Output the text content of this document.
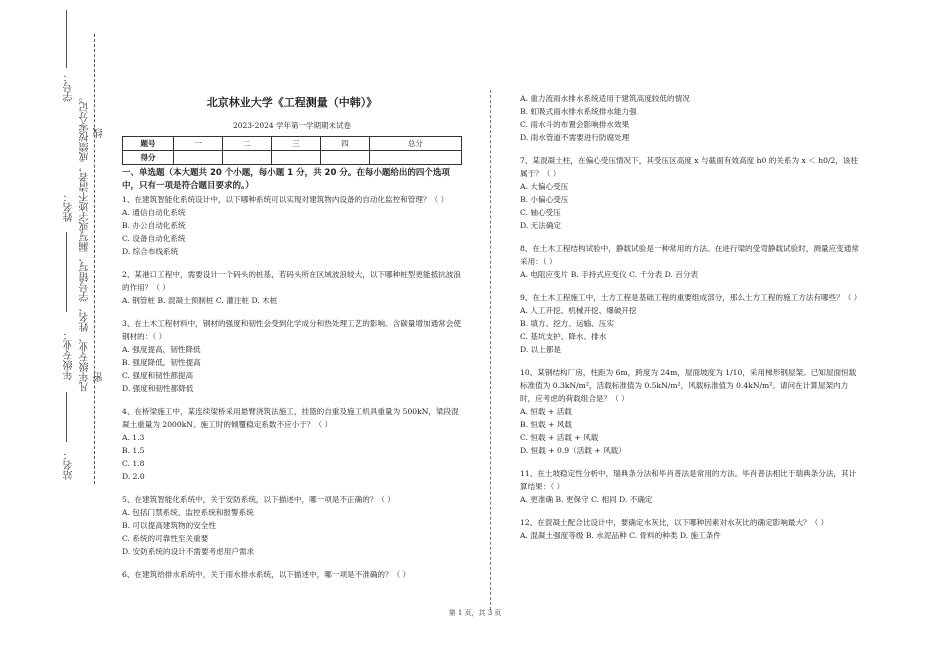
学号：
姓名：
年级专业：
站名：
凡年级专业、姓名、学号错写、漏写或字迹不清者，成绩按零分记。 密
线
北京林业大学《工程测量（中韩）》
2023-2024 学年第一学期期末试卷
题号	一	二	三	四	总分
得分					
一、单选题（本大题共 20 个小题，每小题 1 分，共 20 分。在每小题给出的四个选项中，只有一项是符合题目要求的。）
1、在建筑智能化系统设计中，以下哪种系统可以实现对建筑物内设备的自动化监控和管理？（ ）
A. 通信自动化系统
B. 办公自动化系统
C. 设备自动化系统
D. 综合布线系统
2、某港口工程中，需要设计一个码头的桩基，若码头所在区域波浪较大，以下哪种桩型更能抵抗波浪的作用？（ ）
A. 钢管桩 B. 混凝土预制桩 C. 灌注桩 D. 木桩
3、在土木工程材料中，钢材的强度和韧性会受到化学成分和热处理工艺的影响。含碳量增加通常会使钢材的：（ ）
A. 强度提高，韧性降低
B. 强度降低，韧性提高
C. 强度和韧性都提高
D. 强度和韧性都降低
4、在桥梁施工中，某连续梁桥采用悬臂浇筑法施工，挂篮的自重及施工机具重量为 500kN，梁段混凝土重量为 2000kN。施工时的倾覆稳定系数不应小于？（ ）
A. 1.3
B. 1.5
C. 1.8
D. 2.0
5、在建筑智能化系统中，关于安防系统，以下描述中，哪一项是不正确的？（ ）
A. 包括门禁系统、监控系统和报警系统
B. 可以提高建筑物的安全性
C. 系统的可靠性至关重要
D. 安防系统的设计不需要考虑用户需求
6、在建筑给排水系统中，关于雨水排水系统，以下描述中，哪一项是不准确的？（ ）
A. 重力流雨水排水系统适用于建筑高度较低的情况
B. 虹吸式雨水排水系统排水能力强
C. 雨水斗的布置会影响排水效果
D. 雨水管道不需要进行防腐处理
7、某混凝土柱，在偏心受压情况下，其受压区高度 x 与截面有效高度 h0 的关系为 x ＜ h0/2，该柱属于？（ ）
A. 大偏心受压
B. 小偏心受压
C. 轴心受压
D. 无法确定
8、在土木工程结构试验中，静载试验是一种常用的方法。在进行梁的受弯静载试验时，测量应变通常采用：（ ）
A. 电阻应变片 B. 手持式应变仪 C. 千分表 D. 百分表
9、在土木工程施工中，土方工程是基础工程的重要组成部分，那么土方工程的施工方法有哪些？（ ）
A. 人工开挖、机械开挖、爆破开挖
B. 填方、挖方、运输、压实
C. 基坑支护、降水、排水
D. 以上都是
10、某钢结构厂房，柱距为 6m，跨度为 24m，屋面坡度为 1/10，采用梯形钢屋架。已知屋面恒载标准值为 0.3kN/m²，活载标准值为 0.5kN/m²，风载标准值为 0.4kN/m²。请问在计算屋架内力时，应考虑的荷载组合是？（ ）
A. 恒载 + 活载
B. 恒载 + 风载
C. 恒载 + 活载 + 风载
D. 恒载 + 0.9（活载 + 风载）
11、在土坡稳定性分析中，瑞典条分法和毕肖普法是常用的方法。毕肖普法相比于瑞典条分法，其计算结果：（ ）
A. 更准确 B. 更保守 C. 相同 D. 不确定
12、在混凝土配合比设计中，要确定水灰比，以下哪种因素对水灰比的确定影响最大？（ ）
A. 混凝土强度等级 B. 水泥品种 C. 骨料的种类 D. 施工条件
第 1 页，共 3 页
